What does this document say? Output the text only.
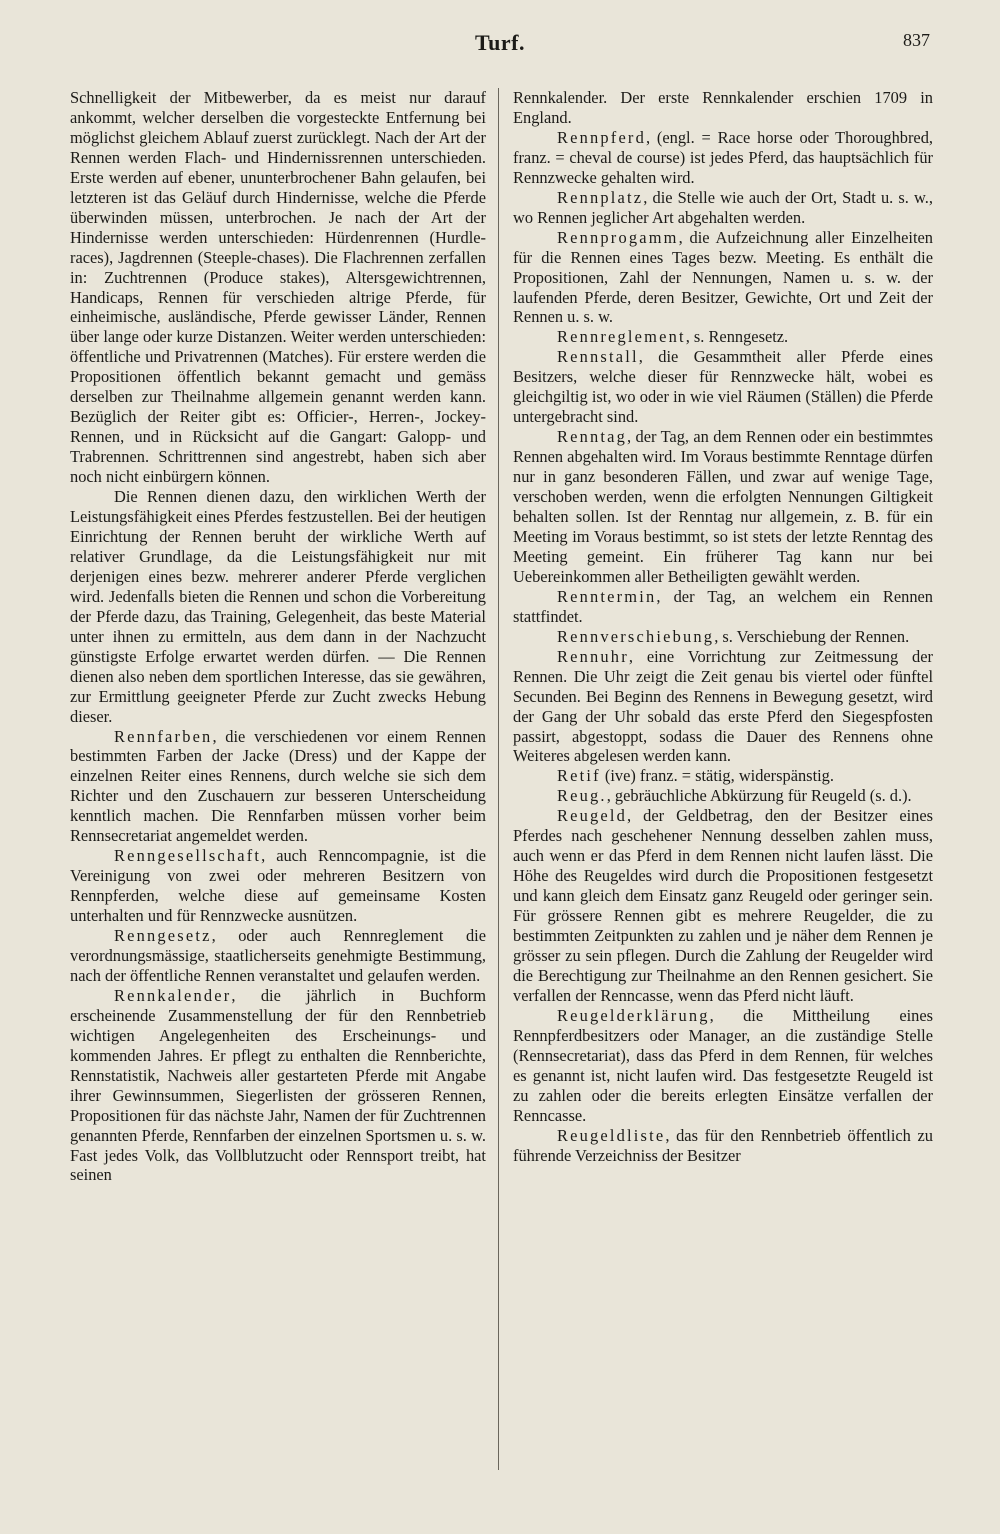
Turf.	837

Schnelligkeit der Mitbewerber, da es meist nur darauf ankommt, welcher derselben die vorgesteckte Entfernung bei möglichst gleichem Ablauf zuerst zurücklegt. Nach der Art der Rennen werden Flach- und Hindernissrennen unterschieden. Erste werden auf ebener, ununterbrochener Bahn gelaufen, bei letzteren ist das Geläuf durch Hindernisse, welche die Pferde überwinden müssen, unterbrochen. Je nach der Art der Hindernisse werden unterschieden: Hürdenrennen (Hurdle-races), Jagdrennen (Steeple-chases). Die Flachrennen zerfallen in: Zuchtrennen (Produce stakes), Altersgewichtrennen, Handicaps, Rennen für verschieden altrige Pferde, für einheimische, ausländische, Pferde gewisser Länder, Rennen über lange oder kurze Distanzen. Weiter werden unterschieden: öffentliche und Privatrennen (Matches). Für erstere werden die Propositionen öffentlich bekannt gemacht und gemäss derselben zur Theilnahme allgemein genannt werden kann. Bezüglich der Reiter gibt es: Officier-, Herren-, Jockey-Rennen, und in Rücksicht auf die Gangart: Galopp- und Trabrennen. Schrittrennen sind angestrebt, haben sich aber noch nicht einbürgern können.

Die Rennen dienen dazu, den wirklichen Werth der Leistungsfähigkeit eines Pferdes festzustellen. Bei der heutigen Einrichtung der Rennen beruht der wirkliche Werth auf relativer Grundlage, da die Leistungsfähigkeit nur mit derjenigen eines bezw. mehrerer anderer Pferde verglichen wird. Jedenfalls bieten die Rennen und schon die Vorbereitung der Pferde dazu, das Training, Gelegenheit, das beste Material unter ihnen zu ermitteln, aus dem dann in der Nachzucht günstigste Erfolge erwartet werden dürfen. — Die Rennen dienen also neben dem sportlichen Interesse, das sie gewähren, zur Ermittlung geeigneter Pferde zur Zucht zwecks Hebung dieser.

Rennfarben, die verschiedenen vor einem Rennen bestimmten Farben der Jacke (Dress) und der Kappe der einzelnen Reiter eines Rennens, durch welche sie sich dem Richter und den Zuschauern zur besseren Unterscheidung kenntlich machen. Die Rennfarben müssen vorher beim Rennsecretariat angemeldet werden.

Renngesellschaft, auch Renncompagnie, ist die Vereinigung von zwei oder mehreren Besitzern von Rennpferden, welche diese auf gemeinsame Kosten unterhalten und für Rennzwecke ausnützen.

Renngesetz, oder auch Rennreglement die verordnungsmässige, staatlicherseits genehmigte Bestimmung, nach der öffentliche Rennen veranstaltet und gelaufen werden.

Rennkalender, die jährlich in Buchform erscheinende Zusammenstellung der für den Rennbetrieb wichtigen Angelegenheiten des Erscheinungs- und kommenden Jahres. Er pflegt zu enthalten die Rennberichte, Rennstatistik, Nachweis aller gestarteten Pferde mit Angabe ihrer Gewinnsummen, Siegerlisten der grösseren Rennen, Propositionen für das nächste Jahr, Namen der für Zuchtrennen genannten Pferde, Rennfarben der einzelnen Sportsmen u. s. w. Fast jedes Volk, das Vollblutzucht oder Rennsport treibt, hat seinen

Rennkalender. Der erste Rennkalender erschien 1709 in England.

Rennpferd, (engl. = Race horse oder Thoroughbred, franz. = cheval de course) ist jedes Pferd, das hauptsächlich für Rennzwecke gehalten wird.

Rennplatz, die Stelle wie auch der Ort, Stadt u. s. w., wo Rennen jeglicher Art abgehalten werden.

Rennprogamm, die Aufzeichnung aller Einzelheiten für die Rennen eines Tages bezw. Meeting. Es enthält die Propositionen, Zahl der Nennungen, Namen u. s. w. der laufenden Pferde, deren Besitzer, Gewichte, Ort und Zeit der Rennen u. s. w.

Rennreglement, s. Renngesetz.

Rennstall, die Gesammtheit aller Pferde eines Besitzers, welche dieser für Rennzwecke hält, wobei es gleichgiltig ist, wo oder in wie viel Räumen (Ställen) die Pferde untergebracht sind.

Renntag, der Tag, an dem Rennen oder ein bestimmtes Rennen abgehalten wird. Im Voraus bestimmte Renntage dürfen nur in ganz besonderen Fällen, und zwar auf wenige Tage, verschoben werden, wenn die erfolgten Nennungen Giltigkeit behalten sollen. Ist der Renntag nur allgemein, z. B. für ein Meeting im Voraus bestimmt, so ist stets der letzte Renntag des Meeting gemeint. Ein früherer Tag kann nur bei Uebereinkommen aller Betheiligten gewählt werden.

Renntermin, der Tag, an welchem ein Rennen stattfindet.

Rennverschiebung, s. Verschiebung der Rennen.

Rennuhr, eine Vorrichtung zur Zeitmessung der Rennen. Die Uhr zeigt die Zeit genau bis viertel oder fünftel Secunden. Bei Beginn des Rennens in Bewegung gesetzt, wird der Gang der Uhr sobald das erste Pferd den Siegespfosten passirt, abgestoppt, sodass die Dauer des Rennens ohne Weiteres abgelesen werden kann.

Retif (ive) franz. = stätig, widerspänstig.

Reug., gebräuchliche Abkürzung für Reugeld (s. d.).

Reugeld, der Geldbetrag, den der Besitzer eines Pferdes nach geschehener Nennung desselben zahlen muss, auch wenn er das Pferd in dem Rennen nicht laufen lässt. Die Höhe des Reugeldes wird durch die Propositionen festgesetzt und kann gleich dem Einsatz ganz Reugeld oder geringer sein. Für grössere Rennen gibt es mehrere Reugelder, die zu bestimmten Zeitpunkten zu zahlen und je näher dem Rennen je grösser zu sein pflegen. Durch die Zahlung der Reugelder wird die Berechtigung zur Theilnahme an den Rennen gesichert. Sie verfallen der Renncasse, wenn das Pferd nicht läuft.

Reugelderklärung, die Mittheilung eines Rennpferdbesitzers oder Manager, an die zuständige Stelle (Rennsecretariat), dass das Pferd in dem Rennen, für welches es genannt ist, nicht laufen wird. Das festgesetzte Reugeld ist zu zahlen oder die bereits erlegten Einsätze verfallen der Renncasse.

Reugeldliste, das für den Rennbetrieb öffentlich zu führende Verzeichniss der Besitzer
